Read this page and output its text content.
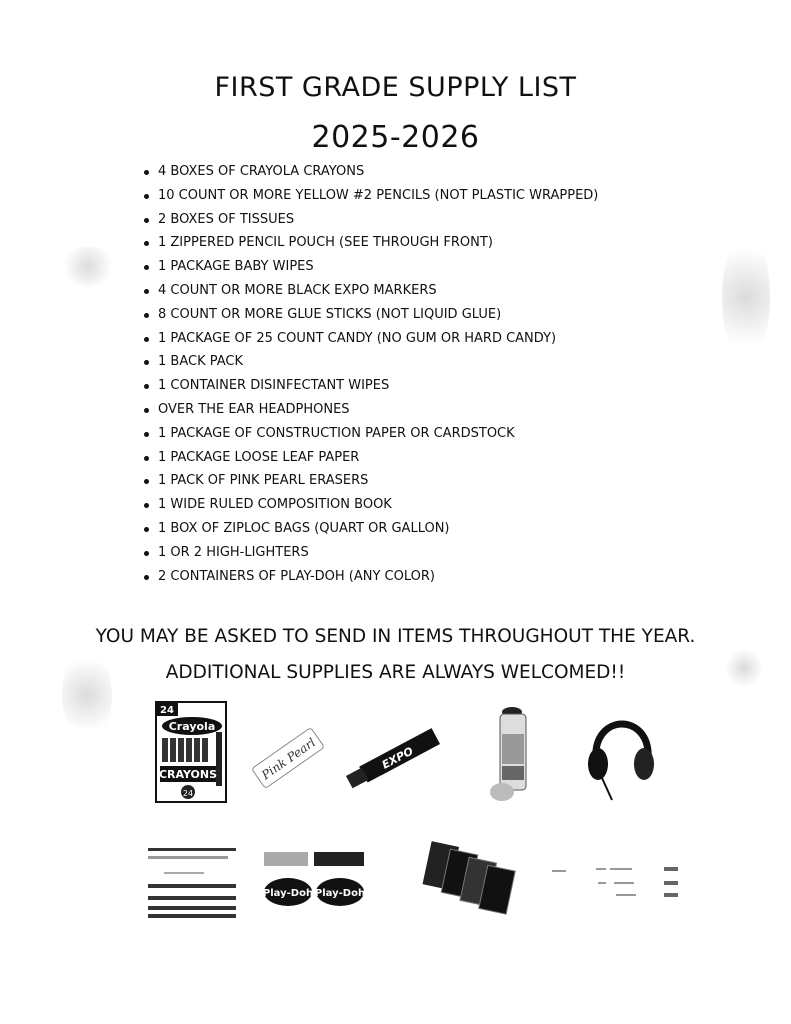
FIRST GRADE SUPPLY LIST
2025-2026
4 BOXES OF CRAYOLA CRAYONS
10 COUNT OR MORE YELLOW #2 PENCILS (NOT PLASTIC WRAPPED)
2 BOXES OF TISSUES
1 ZIPPERED PENCIL POUCH (SEE THROUGH FRONT)
1 PACKAGE BABY WIPES
4 COUNT OR MORE BLACK EXPO MARKERS
8 COUNT OR MORE GLUE STICKS (NOT LIQUID GLUE)
1 PACKAGE OF 25 COUNT CANDY (NO GUM OR HARD CANDY)
1 BACK PACK
1 CONTAINER DISINFECTANT WIPES
OVER THE EAR HEADPHONES
1 PACKAGE OF CONSTRUCTION PAPER OR CARDSTOCK
1 PACKAGE LOOSE LEAF PAPER
1 PACK OF PINK PEARL ERASERS
1 WIDE RULED COMPOSITION BOOK
1 BOX OF ZIPLOC BAGS (QUART OR GALLON)
1 OR 2 HIGH-LIGHTERS
2 CONTAINERS OF PLAY-DOH (ANY COLOR)
YOU MAY BE ASKED TO SEND IN ITEMS THROUGHOUT THE YEAR.
ADDITIONAL SUPPLIES ARE ALWAYS WELCOMED!!
24
Crayola
CRAYONS
24
Pink Pearl	EXPO
Play-Doh Play-Doh
